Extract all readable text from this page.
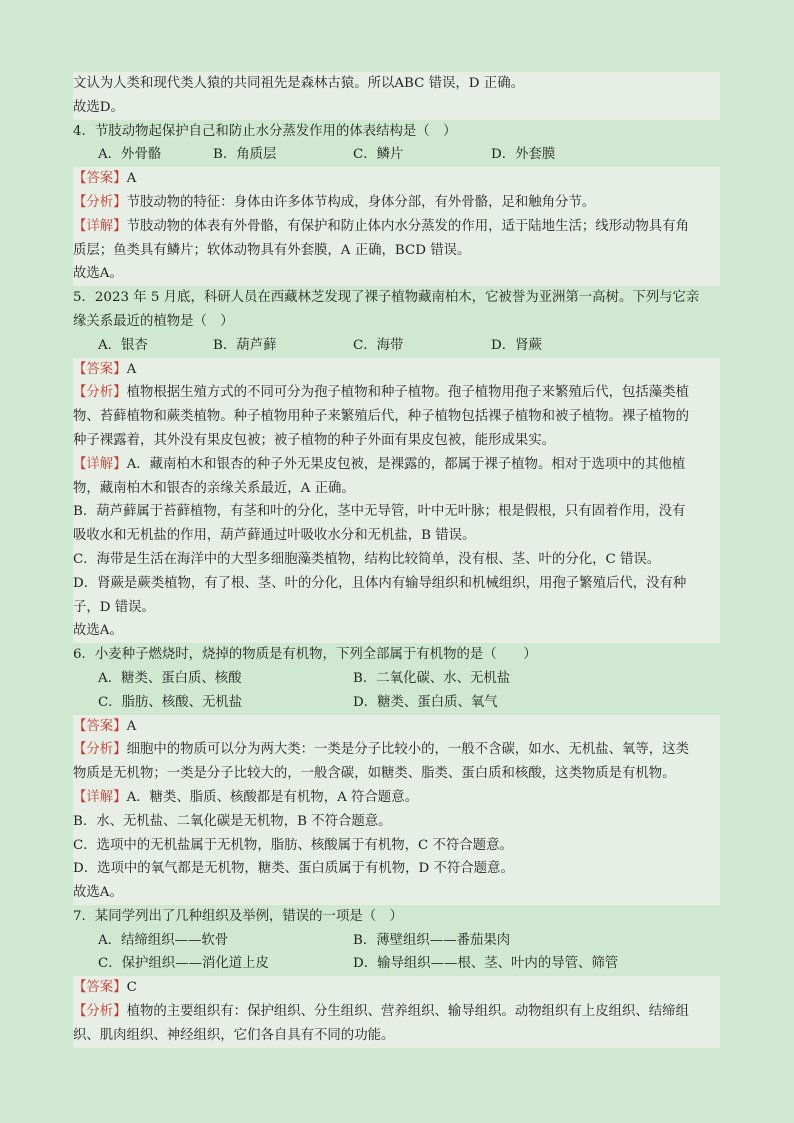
文认为人类和现代类人猿的共同祖先是森林古猿。所以ABC 错误，D 正确。
故选D。
4．节肢动物起保护自己和防止水分蒸发作用的体表结构是（　）
A．外骨骼	B．角质层	C．鳞片	D．外套膜
【答案】A
【分析】节肢动物的特征：身体由许多体节构成，身体分部，有外骨骼，足和触角分节。
【详解】节肢动物的体表有外骨骼，有保护和防止体内水分蒸发的作用，适于陆地生活；线形动物具有角
质层；鱼类具有鳞片；软体动物具有外套膜，A 正确，BCD 错误。
故选A。
5．2023 年 5 月底，科研人员在西藏林芝发现了裸子植物藏南柏木，它被誉为亚洲第一高树。下列与它亲
缘关系最近的植物是（　）
A．银杏	B．葫芦藓	C．海带	D．肾蕨
【答案】A
【分析】植物根据生殖方式的不同可分为孢子植物和种子植物。孢子植物用孢子来繁殖后代，包括藻类植
物、苔藓植物和蕨类植物。种子植物用种子来繁殖后代，种子植物包括裸子植物和被子植物。裸子植物的
种子裸露着，其外没有果皮包被；被子植物的种子外面有果皮包被，能形成果实。
【详解】A．藏南柏木和银杏的种子外无果皮包被，是裸露的，都属于裸子植物。相对于选项中的其他植
物，藏南柏木和银杏的亲缘关系最近，A 正确。
B．葫芦藓属于苔藓植物，有茎和叶的分化，茎中无导管，叶中无叶脉；根是假根，只有固着作用，没有
吸收水和无机盐的作用，葫芦藓通过叶吸收水分和无机盐，B 错误。
C．海带是生活在海洋中的大型多细胞藻类植物，结构比较简单，没有根、茎、叶的分化，C 错误。
D．肾蕨是蕨类植物，有了根、茎、叶的分化，且体内有输导组织和机械组织，用孢子繁殖后代，没有种
子，D 错误。
故选A。
6．小麦种子燃烧时，烧掉的物质是有机物，下列全部属于有机物的是（　　）
A．糖类、蛋白质、核酸	B．二氧化碳、水、无机盐
C．脂肪、核酸、无机盐	D．糖类、蛋白质、氧气
【答案】A
【分析】细胞中的物质可以分为两大类：一类是分子比较小的，一般不含碳，如水、无机盐、氧等，这类
物质是无机物；一类是分子比较大的，一般含碳，如糖类、脂类、蛋白质和核酸，这类物质是有机物。
【详解】A．糖类、脂质、核酸都是有机物，A 符合题意。
B．水、无机盐、二氧化碳是无机物，B 不符合题意。
C．选项中的无机盐属于无机物，脂肪、核酸属于有机物，C 不符合题意。
D．选项中的氧气都是无机物，糖类、蛋白质属于有机物，D 不符合题意。
故选A。
7．某同学列出了几种组织及举例，错误的一项是（　）
A．结缔组织——软骨	B．薄壁组织——番茄果肉
C．保护组织——消化道上皮	D．输导组织——根、茎、叶内的导管、筛管
【答案】C
【分析】植物的主要组织有：保护组织、分生组织、营养组织、输导组织。动物组织有上皮组织、结缔组
织、肌肉组织、神经组织，它们各自具有不同的功能。
